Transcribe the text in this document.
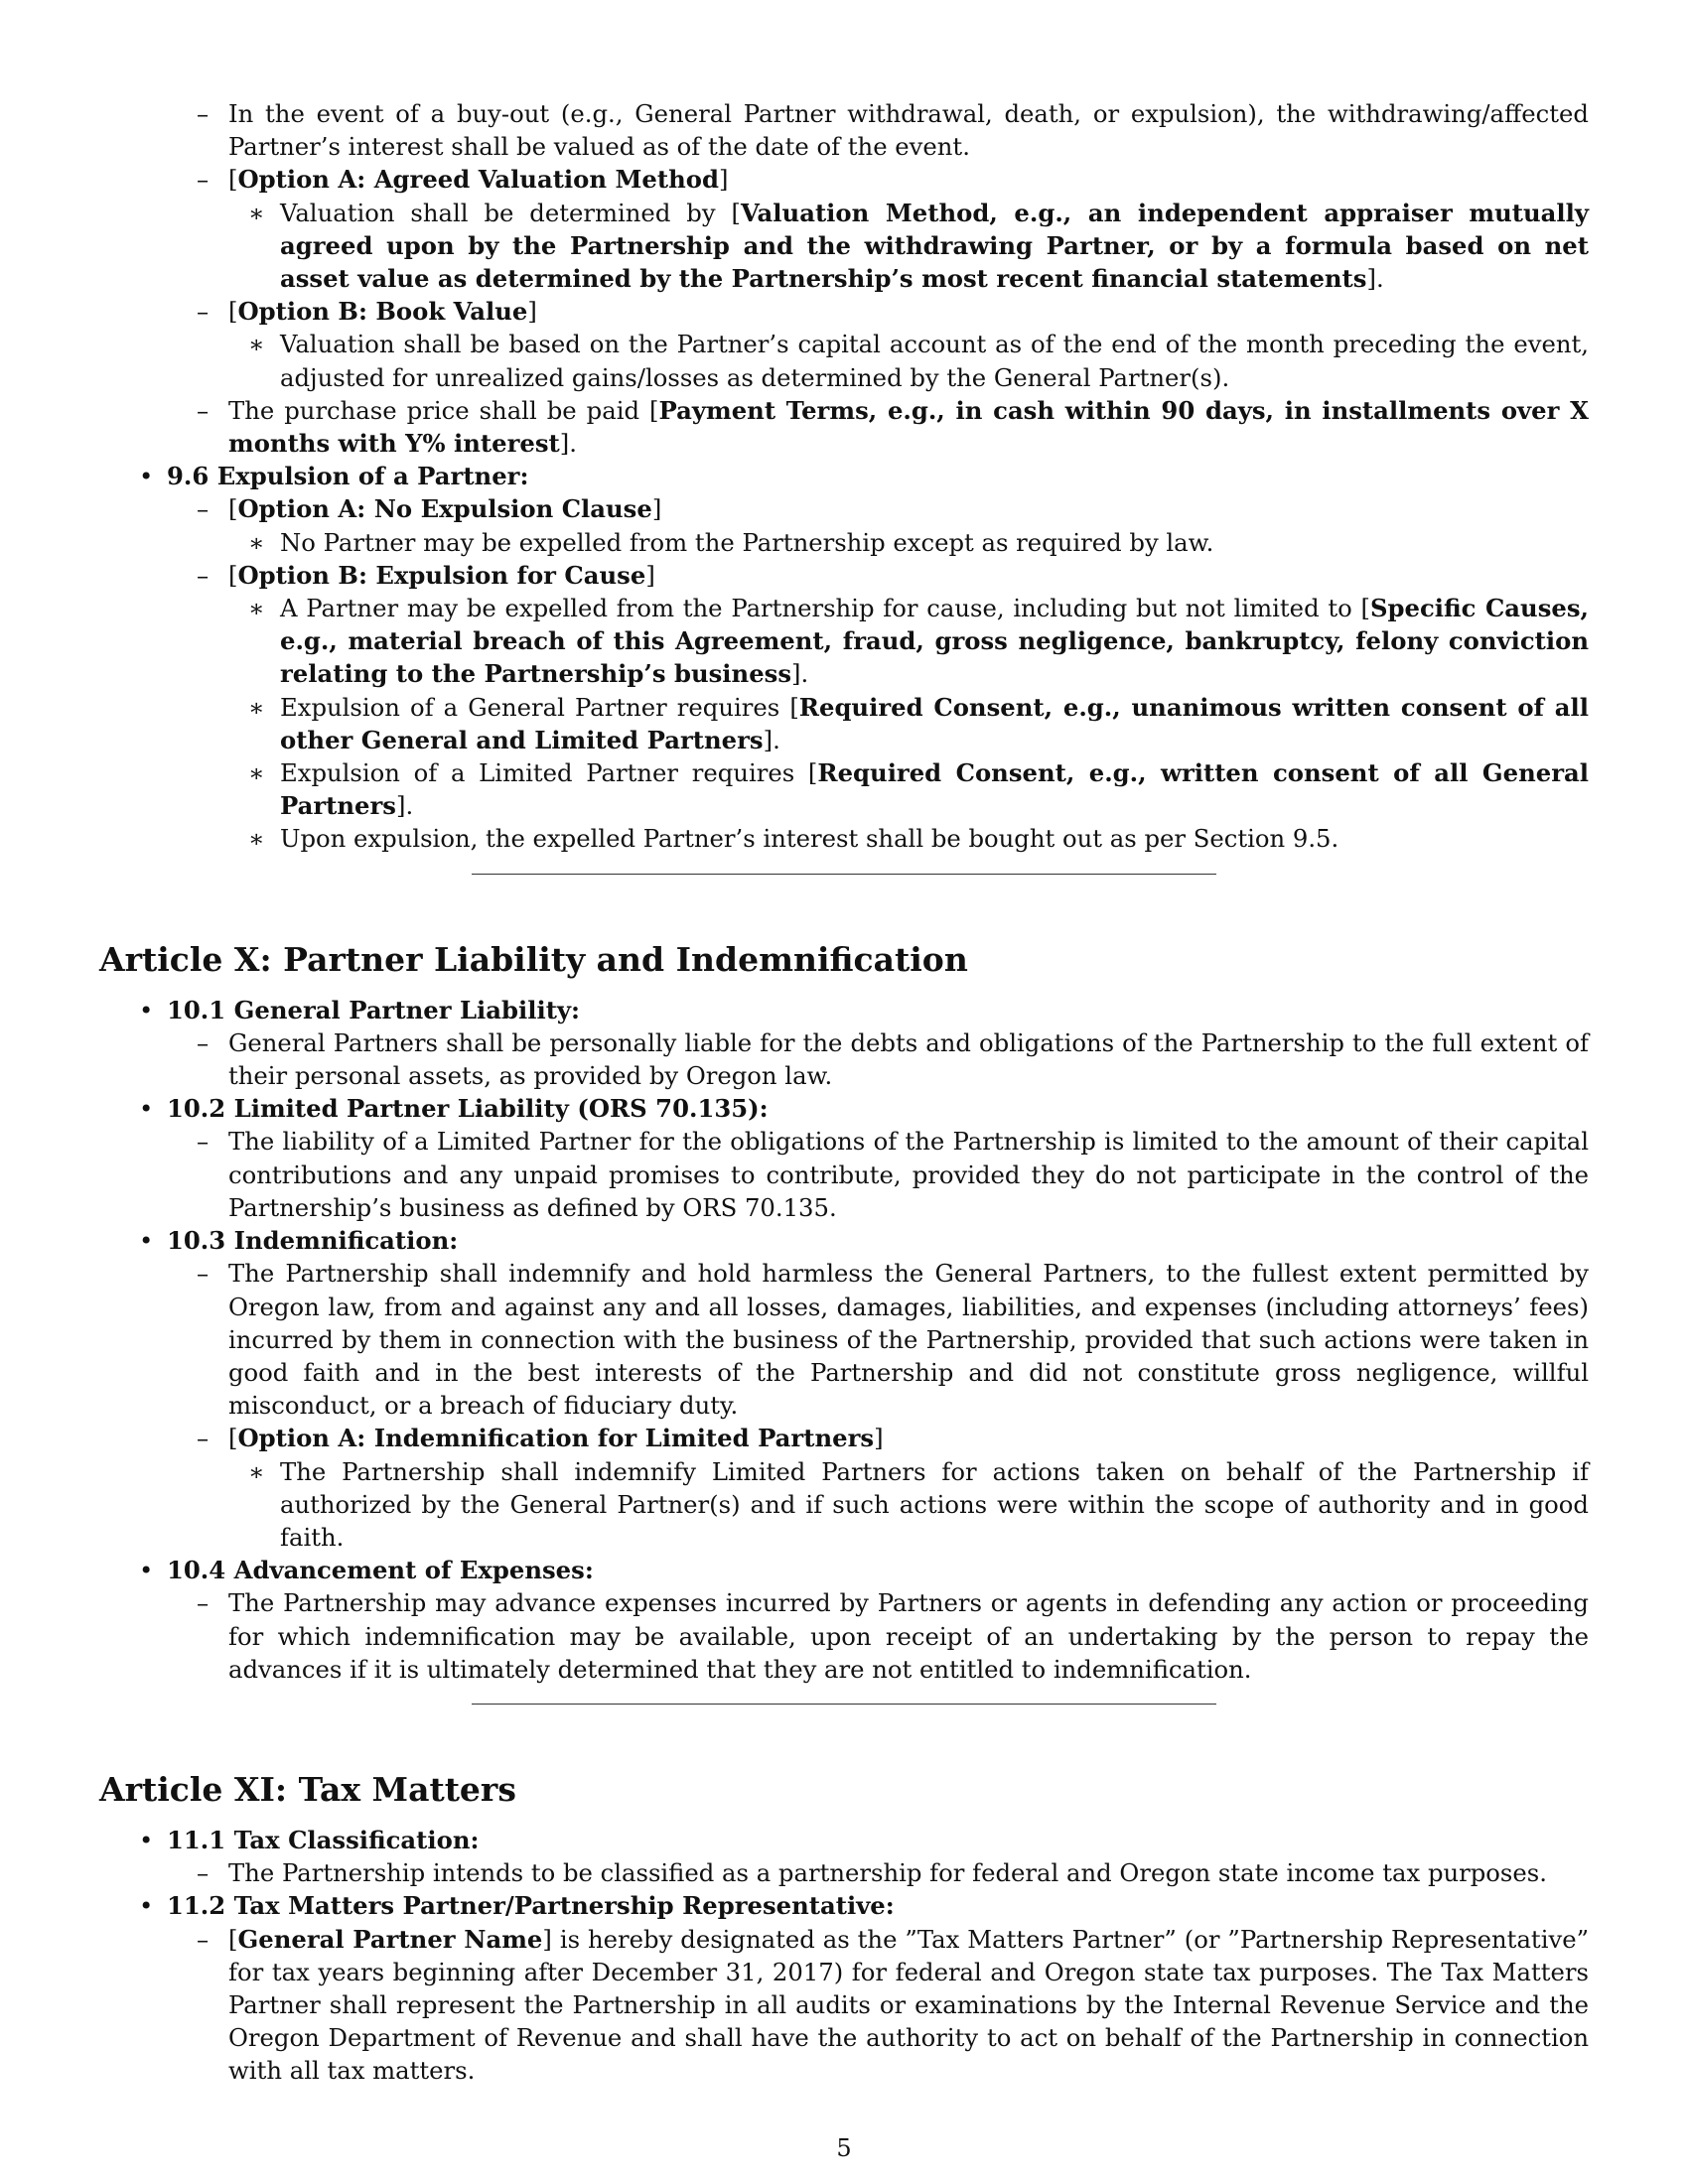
– In the event of a buy-out (e.g., General Partner withdrawal, death, or expulsion), the withdrawing/affected Partner’s interest shall be valued as of the date of the event.

– [Option A: Agreed Valuation Method]

∗ Valuation shall be determined by [Valuation Method, e.g., an independent appraiser mutually agreed upon by the Partnership and the withdrawing Partner, or by a formula based on net asset value as determined by the Partnership’s most recent financial statements].

– [Option B: Book Value]

∗ Valuation shall be based on the Partner’s capital account as of the end of the month preceding the event, adjusted for unrealized gains/losses as determined by the General Partner(s).

– The purchase price shall be paid [Payment Terms, e.g., in cash within 90 days, in installments over X months with Y% interest].

• 9.6 Expulsion of a Partner:

– [Option A: No Expulsion Clause]

∗ No Partner may be expelled from the Partnership except as required by law.

– [Option B: Expulsion for Cause]

∗ A Partner may be expelled from the Partnership for cause, including but not limited to [Specific Causes, e.g., material breach of this Agreement, fraud, gross negligence, bankruptcy, felony conviction relating to the Partnership’s business].

∗ Expulsion of a General Partner requires [Required Consent, e.g., unanimous written consent of all other General and Limited Partners].

∗ Expulsion of a Limited Partner requires [Required Consent, e.g., written consent of all General Partners].

∗ Upon expulsion, the expelled Partner’s interest shall be bought out as per Section 9.5.

Article X: Partner Liability and Indemnification

• 10.1 General Partner Liability:

– General Partners shall be personally liable for the debts and obligations of the Partnership to the full extent of their personal assets, as provided by Oregon law.

• 10.2 Limited Partner Liability (ORS 70.135):

– The liability of a Limited Partner for the obligations of the Partnership is limited to the amount of their capital contributions and any unpaid promises to contribute, provided they do not participate in the control of the Partnership’s business as defined by ORS 70.135.

• 10.3 Indemnification:

– The Partnership shall indemnify and hold harmless the General Partners, to the fullest extent permitted by Oregon law, from and against any and all losses, damages, liabilities, and expenses (including attorneys’ fees) incurred by them in connection with the business of the Partnership, provided that such actions were taken in good faith and in the best interests of the Partnership and did not constitute gross negligence, willful misconduct, or a breach of fiduciary duty.

– [Option A: Indemnification for Limited Partners]

∗ The Partnership shall indemnify Limited Partners for actions taken on behalf of the Partnership if authorized by the General Partner(s) and if such actions were within the scope of authority and in good faith.

• 10.4 Advancement of Expenses:

– The Partnership may advance expenses incurred by Partners or agents in defending any action or proceeding for which indemnification may be available, upon receipt of an undertaking by the person to repay the advances if it is ultimately determined that they are not entitled to indemnification.

Article XI: Tax Matters

• 11.1 Tax Classification:

– The Partnership intends to be classified as a partnership for federal and Oregon state income tax purposes.

• 11.2 Tax Matters Partner/Partnership Representative:

– [General Partner Name] is hereby designated as the ”Tax Matters Partner” (or ”Partnership Representative” for tax years beginning after December 31, 2017) for federal and Oregon state tax purposes. The Tax Matters Partner shall represent the Partnership in all audits or examinations by the Internal Revenue Service and the Oregon Department of Revenue and shall have the authority to act on behalf of the Partnership in connection with all tax matters.

5
